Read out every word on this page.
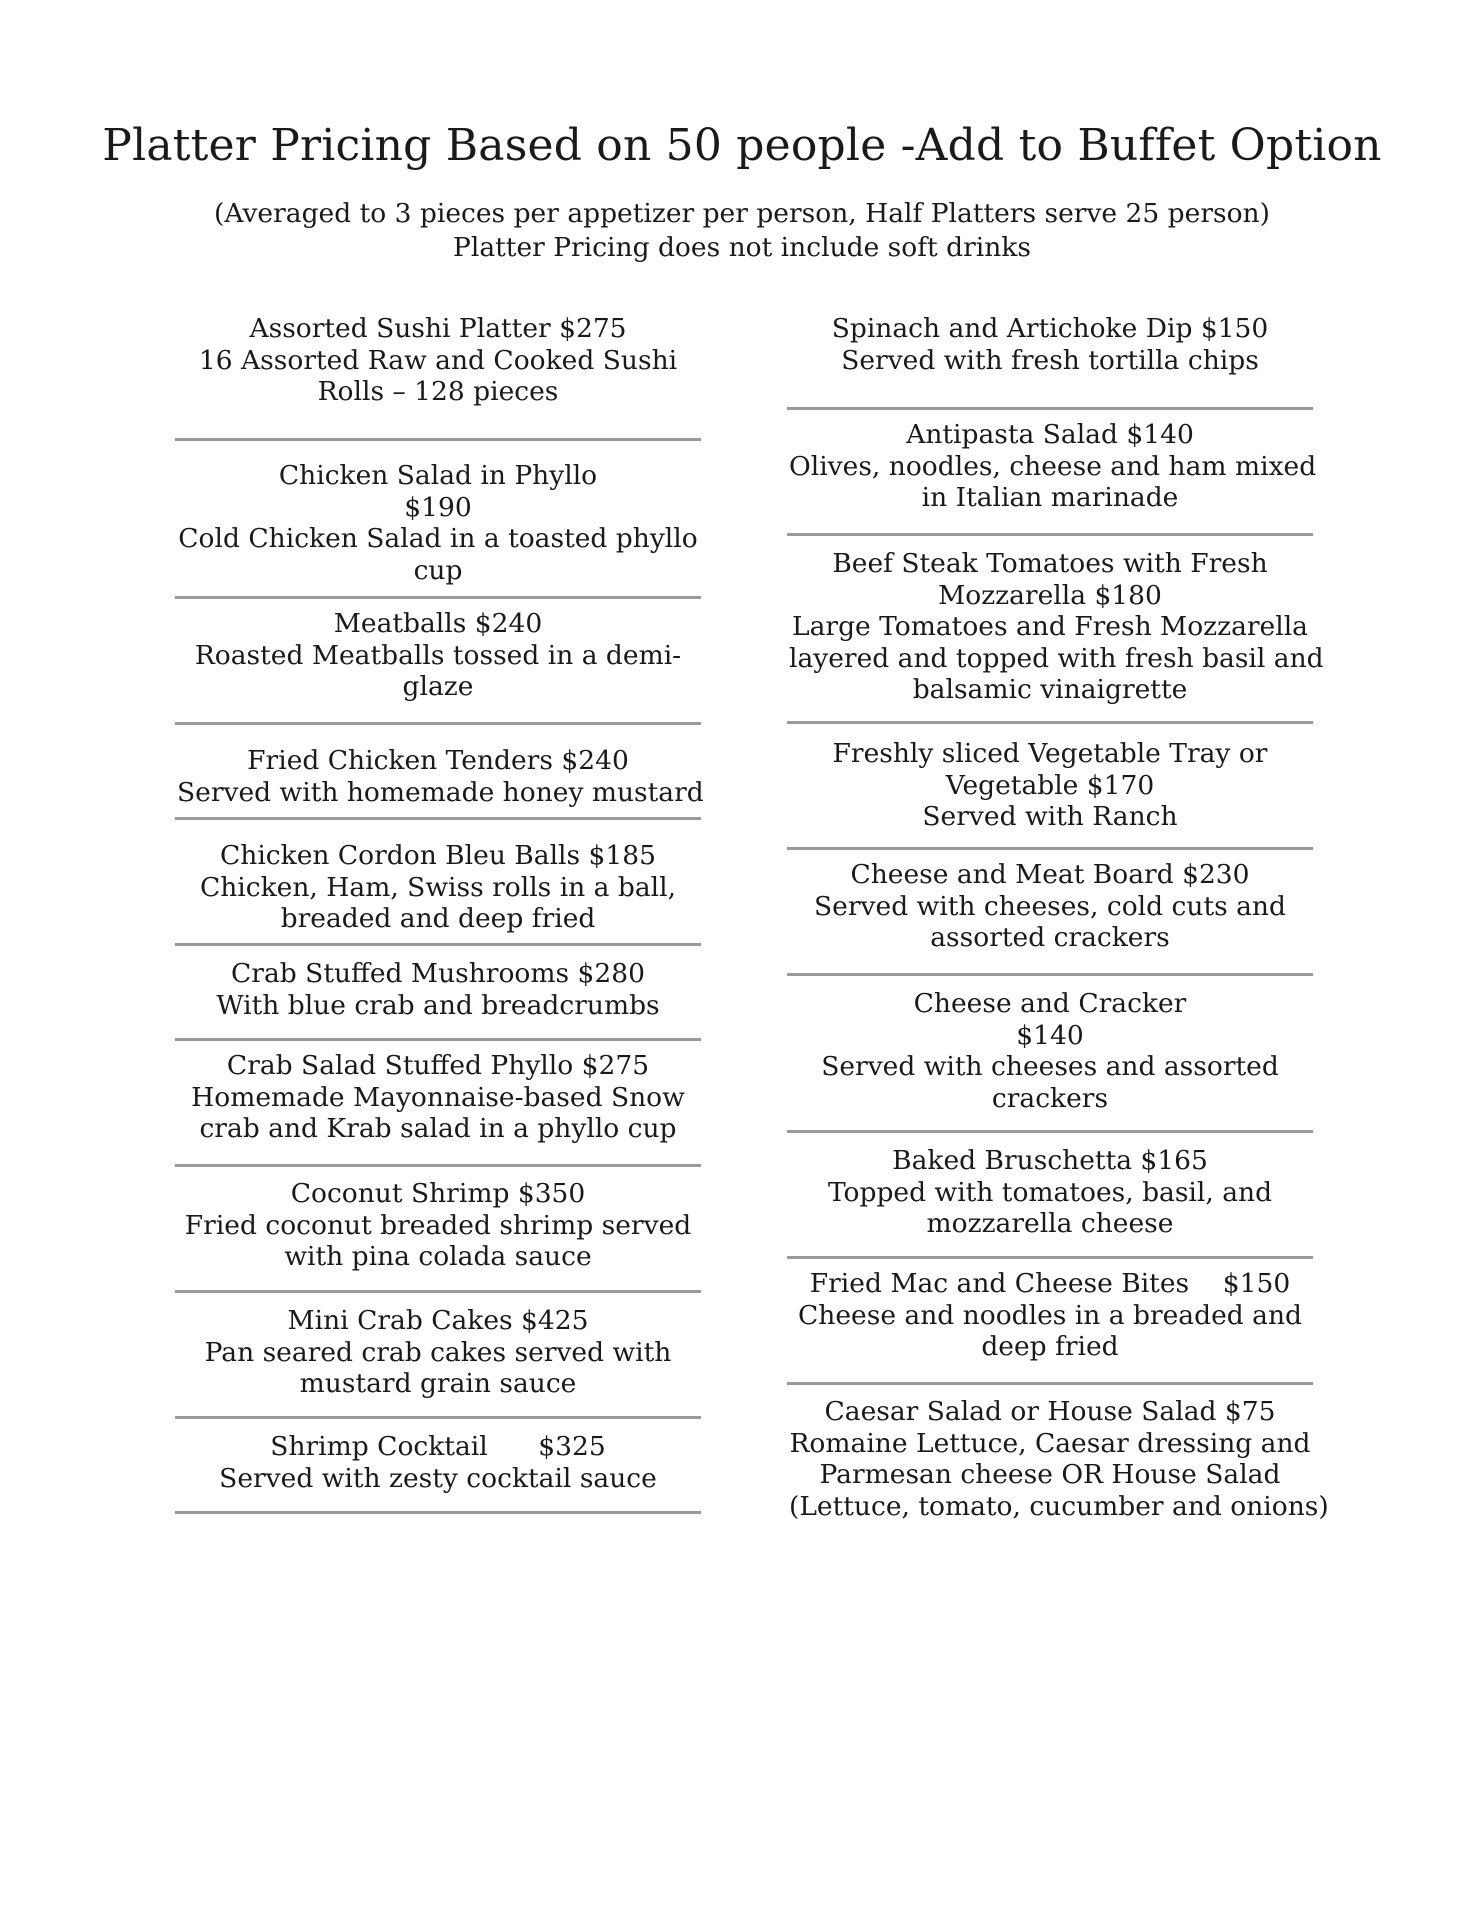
Platter Pricing Based on 50 people -Add to Buffet Option
(Averaged to 3 pieces per appetizer per person, Half Platters serve 25 person)
Platter Pricing does not include soft drinks
Assorted Sushi Platter $275
16 Assorted Raw and Cooked Sushi
Rolls – 128 pieces
Chicken Salad in Phyllo
$190
Cold Chicken Salad in a toasted phyllo
cup
Meatballs $240
Roasted Meatballs tossed in a demi-
glaze
Fried Chicken Tenders $240
Served with homemade honey mustard
Chicken Cordon Bleu Balls $185
Chicken, Ham, Swiss rolls in a ball,
breaded and deep fried
Crab Stuffed Mushrooms $280
With blue crab and breadcrumbs
Crab Salad Stuffed Phyllo $275
Homemade Mayonnaise-based Snow
crab and Krab salad in a phyllo cup
Coconut Shrimp $350
Fried coconut breaded shrimp served
with pina colada sauce
Mini Crab Cakes $425
Pan seared crab cakes served with
mustard grain sauce
Shrimp Cocktail      $325
Served with zesty cocktail sauce
Spinach and Artichoke Dip $150
Served with fresh tortilla chips
Antipasta Salad $140
Olives, noodles, cheese and ham mixed
in Italian marinade
Beef Steak Tomatoes with Fresh
Mozzarella $180
Large Tomatoes and Fresh Mozzarella
layered and topped with fresh basil and
balsamic vinaigrette
Freshly sliced Vegetable Tray or
Vegetable $170
Served with Ranch
Cheese and Meat Board $230
Served with cheeses, cold cuts and
assorted crackers
Cheese and Cracker
$140
Served with cheeses and assorted
crackers
Baked Bruschetta $165
Topped with tomatoes, basil, and
mozzarella cheese
Fried Mac and Cheese Bites    $150
Cheese and noodles in a breaded and
deep fried
Caesar Salad or House Salad $75
Romaine Lettuce, Caesar dressing and
Parmesan cheese OR House Salad
(Lettuce, tomato, cucumber and onions)
